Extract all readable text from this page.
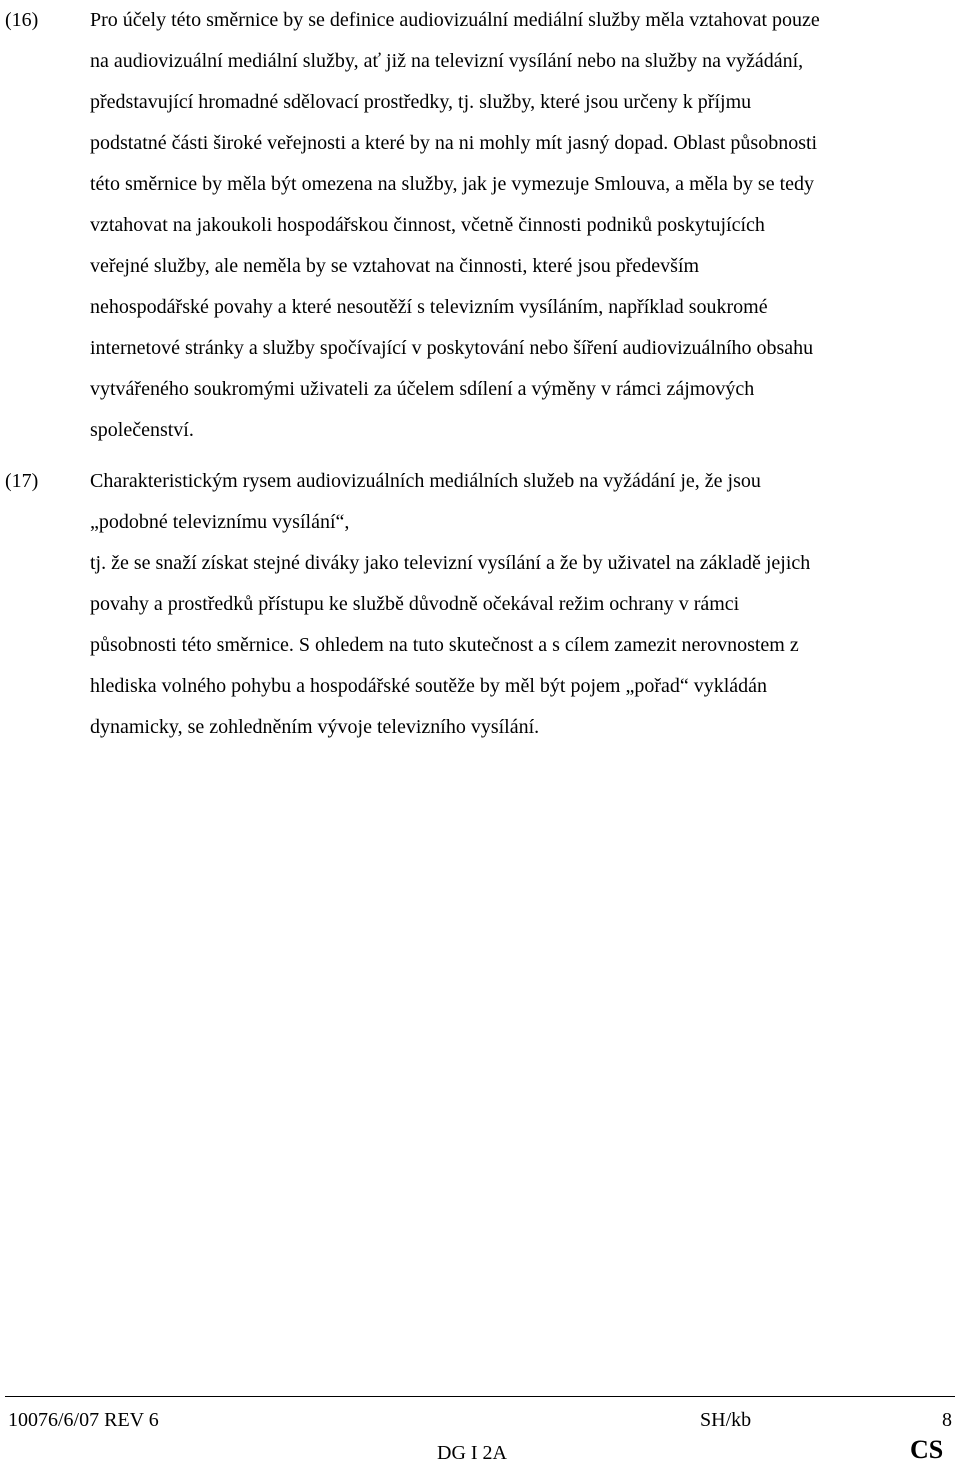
(16)	Pro účely této směrnice by se definice audiovizuální mediální služby měla vztahovat pouze
na audiovizuální mediální služby, ať již na televizní vysílání nebo na služby na vyžádání,
představující hromadné sdělovací prostředky, tj. služby, které jsou určeny k příjmu
podstatné části široké veřejnosti a které by na ni mohly mít jasný dopad. Oblast působnosti
této směrnice by měla být omezena na služby, jak je vymezuje Smlouva, a měla by se tedy
vztahovat na jakoukoli hospodářskou činnost, včetně činnosti podniků poskytujících
veřejné služby, ale neměla by se vztahovat na činnosti, které jsou především
nehospodářské povahy a které nesoutěží s televizním vysíláním, například soukromé
internetové stránky a služby spočívající v poskytování nebo šíření audiovizuálního obsahu
vytvářeného soukromými uživateli za účelem sdílení a výměny v rámci zájmových
společenství.
(17)	Charakteristickým rysem audiovizuálních mediálních služeb na vyžádání je, že jsou
„podobné televiznímu vysílání“,
tj. že se snaží získat stejné diváky jako televizní vysílání a že by uživatel na základě jejich
povahy a prostředků přístupu ke službě důvodně očekával režim ochrany v rámci
působnosti této směrnice. S ohledem na tuto skutečnost a s cílem zamezit nerovnostem z
hlediska volného pohybu a hospodářské soutěže by měl být pojem „pořad“ vykládán
dynamicky, se zohledněním vývoje televizního vysílání.
10076/6/07 REV 6	SH/kb	8
DG I 2A	CS
